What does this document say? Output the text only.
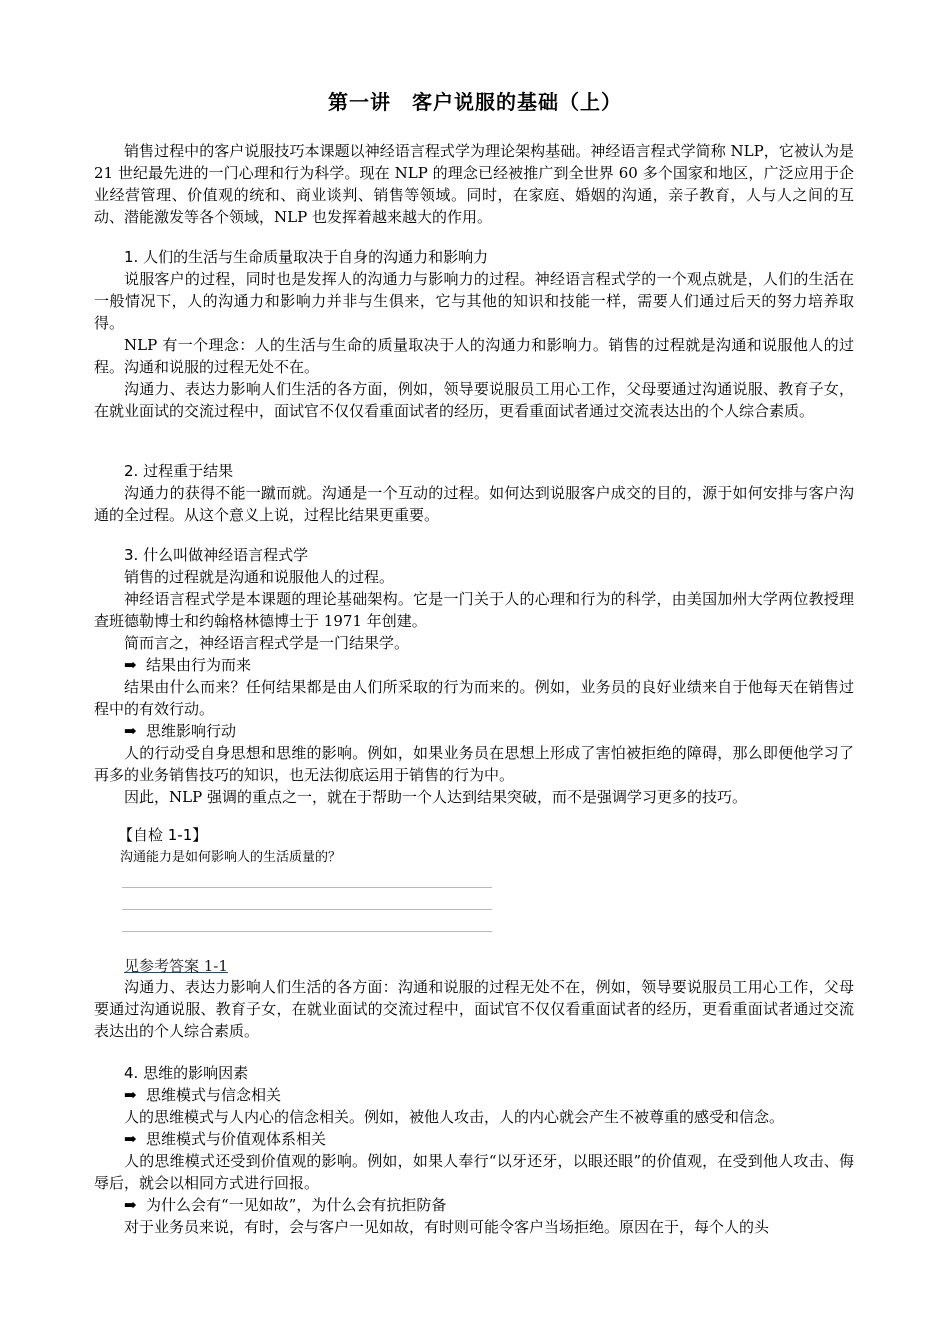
第一讲　客户说服的基础（上）

销售过程中的客户说服技巧本课题以神经语言程式学为理论架构基础。神经语言程式学简称 NLP，它被认为是 21 世纪最先进的一门心理和行为科学。现在 NLP 的理念已经被推广到全世界 60 多个国家和地区，广泛应用于企业经营管理、价值观的统和、商业谈判、销售等领域。同时，在家庭、婚姻的沟通，亲子教育，人与人之间的互动、潜能激发等各个领域，NLP 也发挥着越来越大的作用。

1. 人们的生活与生命质量取决于自身的沟通力和影响力

说服客户的过程，同时也是发挥人的沟通力与影响力的过程。神经语言程式学的一个观点就是，人们的生活在一般情况下，人的沟通力和影响力并非与生俱来，它与其他的知识和技能一样，需要人们通过后天的努力培养取得。

NLP 有一个理念：人的生活与生命的质量取决于人的沟通力和影响力。销售的过程就是沟通和说服他人的过程。沟通和说服的过程无处不在。

沟通力、表达力影响人们生活的各方面，例如，领导要说服员工用心工作，父母要通过沟通说服、教育子女，在就业面试的交流过程中，面试官不仅仅看重面试者的经历，更看重面试者通过交流表达出的个人综合素质。

2. 过程重于结果

沟通力的获得不能一蹴而就。沟通是一个互动的过程。如何达到说服客户成交的目的，源于如何安排与客户沟通的全过程。从这个意义上说，过程比结果更重要。

3. 什么叫做神经语言程式学

销售的过程就是沟通和说服他人的过程。

神经语言程式学是本课题的理论基础架构。它是一门关于人的心理和行为的科学，由美国加州大学两位教授理查班德勒博士和约翰格林德博士于 1971 年创建。

简而言之，神经语言程式学是一门结果学。

➡ 结果由行为而来

结果由什么而来？任何结果都是由人们所采取的行为而来的。例如，业务员的良好业绩来自于他每天在销售过程中的有效行动。

➡ 思维影响行动

人的行动受自身思想和思维的影响。例如，如果业务员在思想上形成了害怕被拒绝的障碍，那么即便他学习了再多的业务销售技巧的知识，也无法彻底运用于销售的行为中。

因此，NLP 强调的重点之一，就在于帮助一个人达到结果突破，而不是强调学习更多的技巧。

【自检 1-1】
沟通能力是如何影响人的生活质量的？
见参考答案 1-1

沟通力、表达力影响人们生活的各方面：沟通和说服的过程无处不在，例如，领导要说服员工用心工作，父母要通过沟通说服、教育子女，在就业面试的交流过程中，面试官不仅仅看重面试者的经历，更看重面试者通过交流表达出的个人综合素质。

4. 思维的影响因素

➡ 思维模式与信念相关

人的思维模式与人内心的信念相关。例如，被他人攻击，人的内心就会产生不被尊重的感受和信念。

➡ 思维模式与价值观体系相关

人的思维模式还受到价值观的影响。例如，如果人奉行“以牙还牙，以眼还眼”的价值观，在受到他人攻击、侮辱后，就会以相同方式进行回报。

➡ 为什么会有“一见如故”，为什么会有抗拒防备

对于业务员来说，有时，会与客户一见如故，有时则可能令客户当场拒绝。原因在于，每个人的头
